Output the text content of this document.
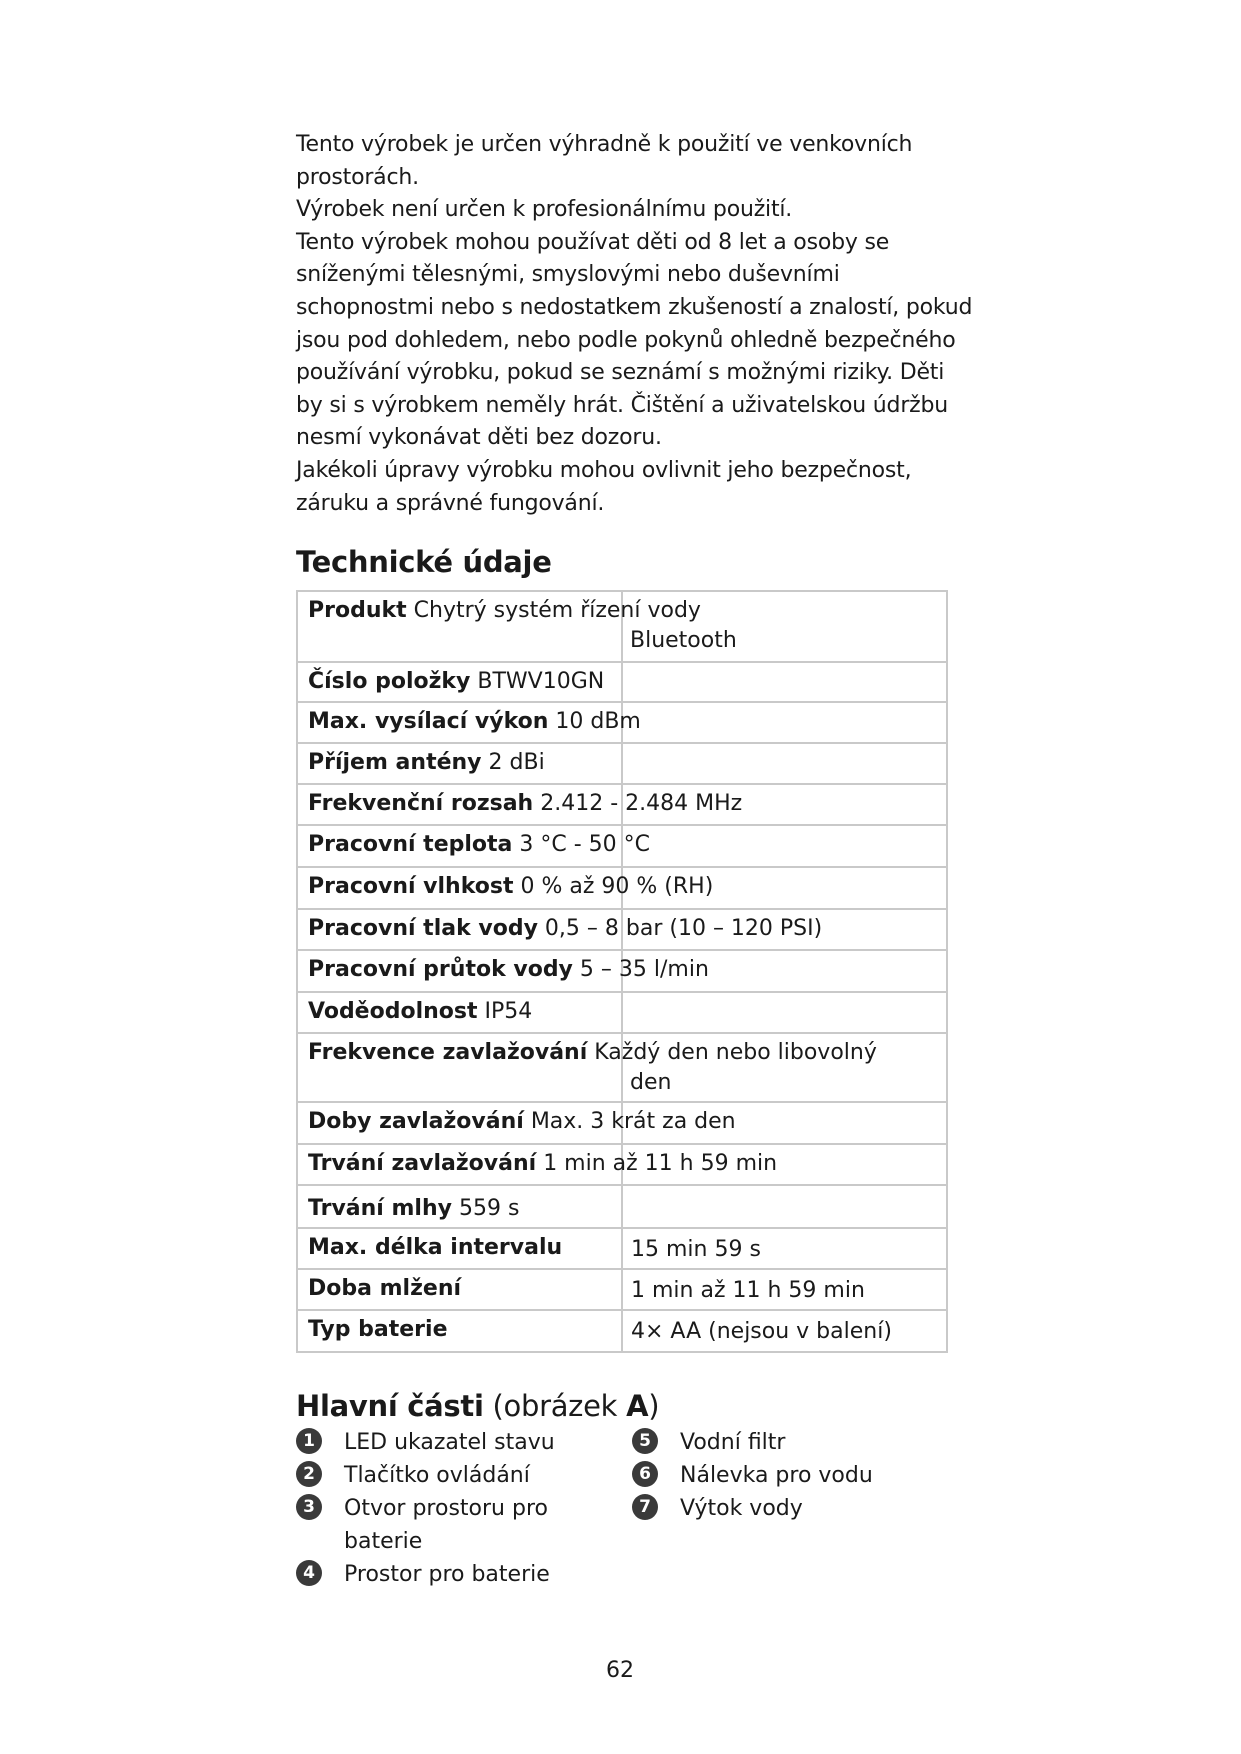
Tento výrobek je určen výhradně k použití ve venkovních prostorách.

Výrobek není určen k profesionálnímu použití.

Tento výrobek mohou používat děti od 8 let a osoby se sníženými tělesnými, smyslovými nebo duševními schopnostmi nebo s nedostatkem zkušeností a znalostí, pokud jsou pod dohledem, nebo podle pokynů ohledně bezpečného používání výrobku, pokud se seznámí s možnými riziky. Děti by si s výrobkem neměly hrát. Čištění a uživatelskou údržbu nesmí vykonávat děti bez dozoru.

Jakékoli úpravy výrobku mohou ovlivnit jeho bezpečnost, záruku a správné fungování.

Technické údaje
Produkt Chytrý systém řízení vody
Bluetooth
Číslo položky BTWV10GN
Max. vysílací výkon 10 dBm
Příjem antény 2 dBi
Frekvenční rozsah 2.412 - 2.484 MHz
Pracovní teplota 3 °C - 50 °C
Pracovní vlhkost 0 % až 90 % (RH)
Pracovní tlak vody 0,5 – 8 bar (10 – 120 PSI)
Pracovní průtok vody 5 – 35 l/min
Voděodolnost IP54
Frekvence zavlažování Každý den nebo libovolný
den
Doby zavlažování Max. 3 krát za den
Trvání zavlažování 1 min až 11 h 59 min
Trvání mlhy 559 s
Max. délka intervalu	15 min 59 s
Doba mlžení	1 min až 11 h 59 min
Typ baterie	4× AA (nejsou v balení)
Hlavní části (obrázek A)
1	LED ukazatel stavu
2	Tlačítko ovládání
3	Otvor prostoru pro
baterie
4	Prostor pro baterie
5	Vodní filtr
6	Nálevka pro vodu
7	Výtok vody
62
